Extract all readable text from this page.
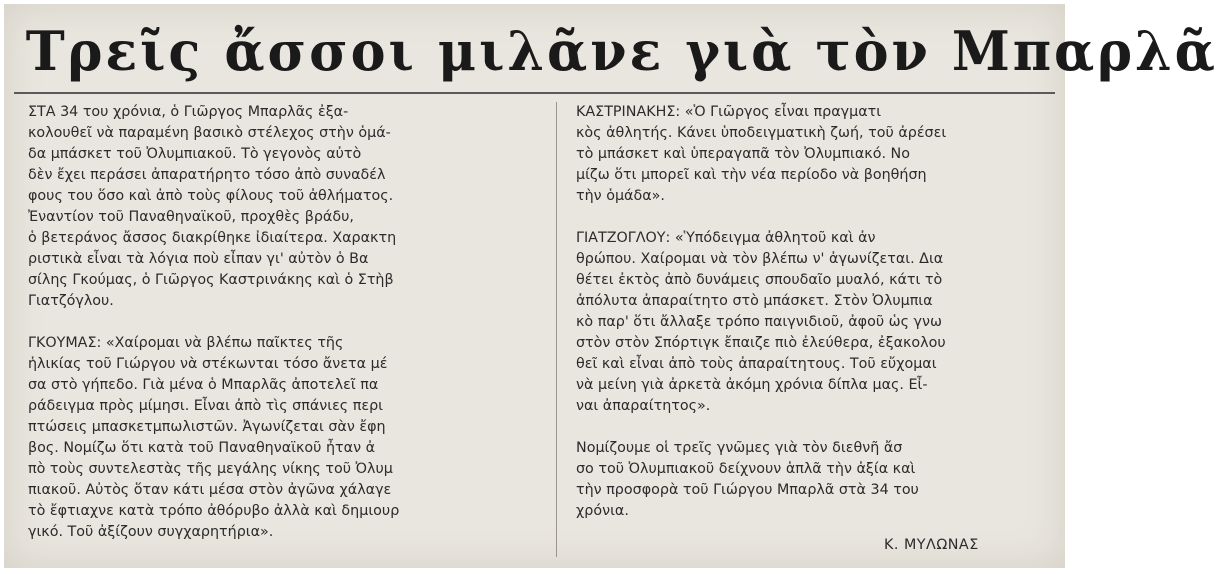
Τρεῖς ἄσσοι μιλᾶνε γιὰ τὸν Μπαρλᾶ

ΣΤΑ 34 του χρόνια, ὁ Γιῶργος Μπαρλᾶς ἐξα-
κολουθεῖ νὰ παραμένη βασικὸ στέλεχος στὴν ὁμά-
δα μπάσκετ τοῦ Ὀλυμπιακοῦ. Τὸ γεγονὸς αὐτὸ
δὲν ἔχει περάσει ἀπαρατήρητο τόσο ἀπὸ συναδέλ
φους του ὅσο καὶ ἀπὸ τοὺς φίλους τοῦ ἀθλήματος.
Ἐναντίον τοῦ Παναθηναϊκοῦ, προχθὲς βράδυ,
ὁ βετεράνος ἄσσος διακρίθηκε ἰδιαίτερα. Χαρακτη
ριστικὰ εἶναι τὰ λόγια ποὺ εἶπαν γι' αὐτὸν ὁ Βα
σίλης Γκούμας, ὁ Γιῶργος Καστρινάκης καὶ ὁ Στὴβ
Γιατζόγλου.

ΓΚΟΥΜΑΣ: «Χαίρομαι νὰ βλέπω παῖκτες τῆς
ἡλικίας τοῦ Γιώργου νὰ στέκωνται τόσο ἄνετα μέ
σα στὸ γήπεδο. Γιὰ μένα ὁ Μπαρλᾶς ἀποτελεῖ πα
ράδειγμα πρὸς μίμησι. Εἶναι ἀπὸ τὶς σπάνιες περι
πτώσεις μπασκετμπωλιστῶν. Ἀγωνίζεται σὰν ἔφη
βος. Νομίζω ὅτι κατὰ τοῦ Παναθηναϊκοῦ ἦταν ἀ
πὸ τοὺς συντελεστὰς τῆς μεγάλης νίκης τοῦ Ὀλυμ
πιακοῦ. Αὐτὸς ὅταν κάτι μέσα στὸν ἀγῶνα χάλαγε
τὸ ἔφτιαχνε κατὰ τρόπο ἀθόρυβο ἀλλὰ καὶ δημιουρ
γικό. Τοῦ ἀξίζουν συγχαρητήρια».

ΚΑΣΤΡΙΝΑΚΗΣ: «Ὁ Γιῶργος εἶναι πραγματι
κὸς ἀθλητής. Κάνει ὑποδειγματικὴ ζωή, τοῦ ἀρέσει
τὸ μπάσκετ καὶ ὑπεραγαπᾶ τὸν Ὀλυμπιακό. Νο
μίζω ὅτι μπορεῖ καὶ τὴν νέα περίοδο νὰ βοηθήση
τὴν ὁμάδα».

ΓΙΑΤΖΟΓΛΟΥ: «Ὑπόδειγμα ἀθλητοῦ καὶ ἀν
θρώπου. Χαίρομαι νὰ τὸν βλέπω ν' ἀγωνίζεται. Δια
θέτει ἐκτὸς ἀπὸ δυνάμεις σπουδαῖο μυαλό, κάτι τὸ
ἀπόλυτα ἀπαραίτητο στὸ μπάσκετ. Στὸν Ὀλυμπια
κὸ παρ' ὅτι ἄλλαξε τρόπο παιγνιδιοῦ, ἀφοῦ ὡς γνω
στὸν στὸν Σπόρτιγκ ἔπαιζε πιὸ ἐλεύθερα, ἐξακολου
θεῖ καὶ εἶναι ἀπὸ τοὺς ἀπαραίτητους. Τοῦ εὔχομαι
νὰ μείνη γιὰ ἀρκετὰ ἀκόμη χρόνια δίπλα μας. Εἶ-
ναι ἀπαραίτητος».

Νομίζουμε οἱ τρεῖς γνῶμες γιὰ τὸν διεθνῆ ἄσ
σο τοῦ Ὀλυμπιακοῦ δείχνουν ἁπλᾶ τὴν ἀξία καὶ
τὴν προσφορὰ τοῦ Γιώργου Μπαρλᾶ στὰ 34 του
χρόνια.

Κ. ΜΥΛΩΝΑΣ
